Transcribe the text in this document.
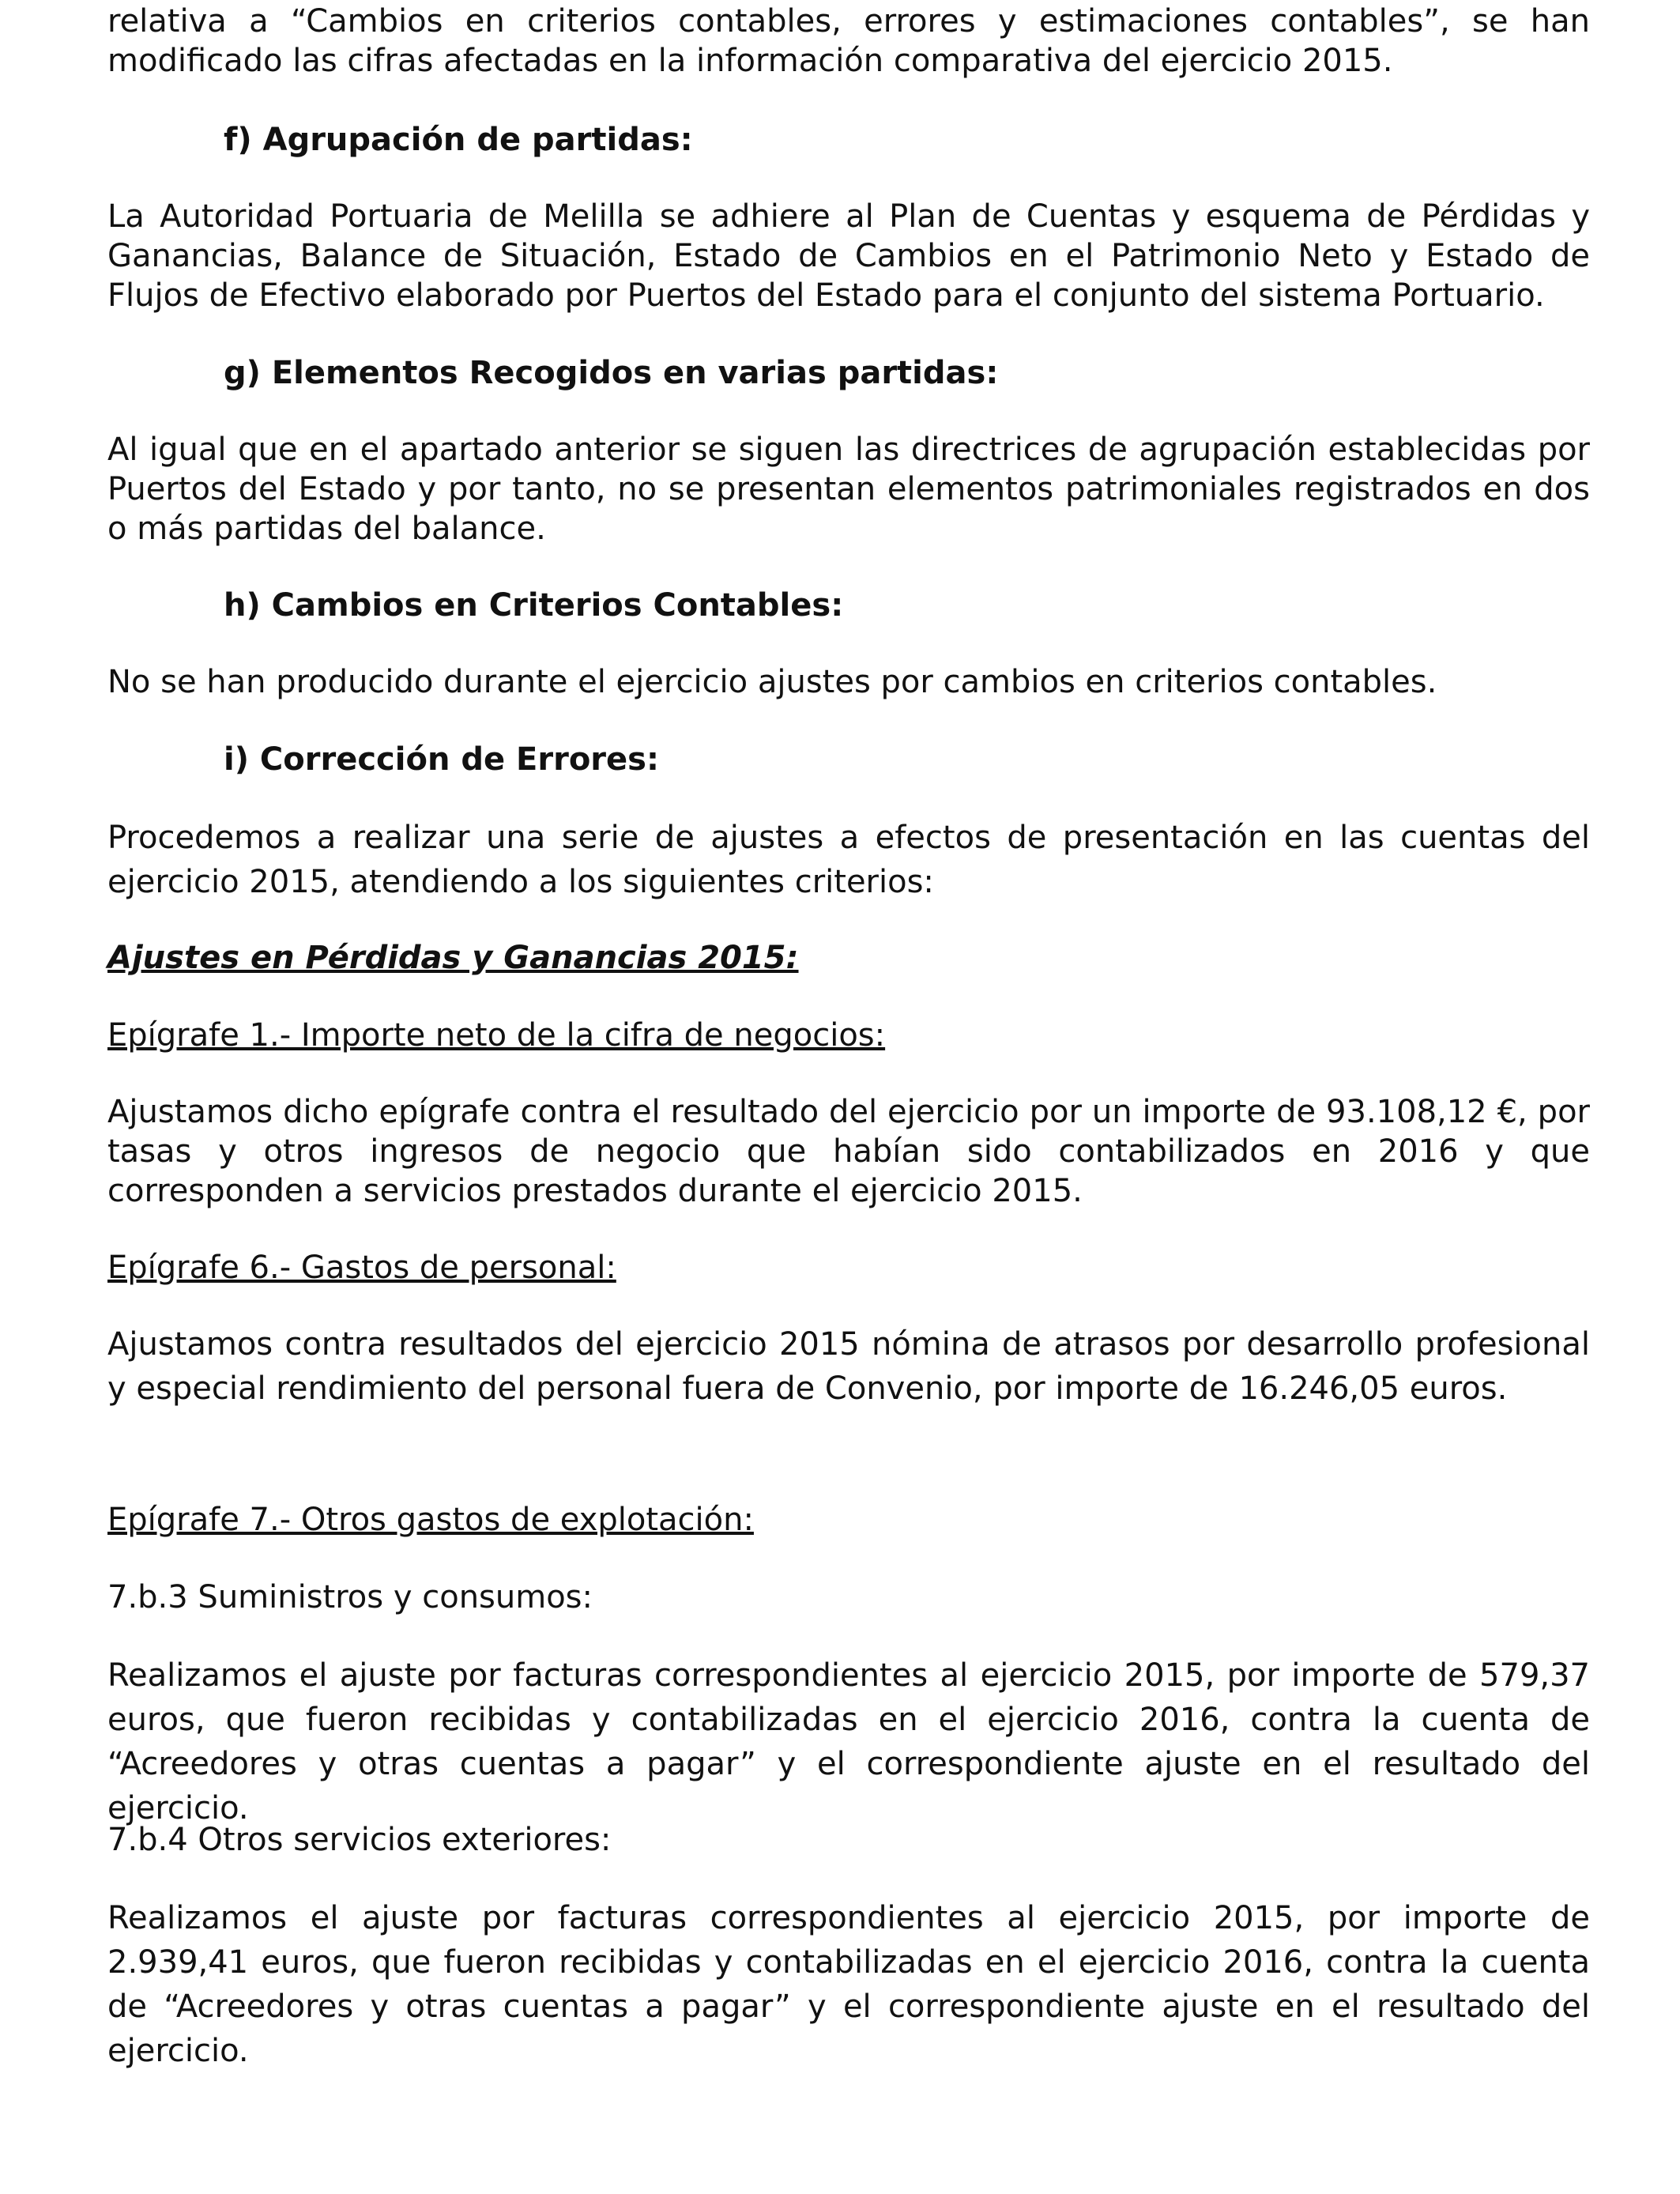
relativa a “Cambios en criterios contables, errores y estimaciones contables”, se han modificado las cifras afectadas en la información comparativa del ejercicio 2015.

f) Agrupación de partidas:

La Autoridad Portuaria de Melilla se adhiere al Plan de Cuentas y esquema de Pérdidas y Ganancias, Balance de Situación, Estado de Cambios en el Patrimonio Neto y Estado de Flujos de Efectivo elaborado por Puertos del Estado para el conjunto del sistema Portuario.

g) Elementos Recogidos en varias partidas:

Al igual que en el apartado anterior se siguen las directrices de agrupación establecidas por Puertos del Estado y por tanto, no se presentan elementos patrimoniales registrados en dos o más partidas del balance.

h) Cambios en Criterios Contables:

No se han producido durante el ejercicio ajustes por cambios en criterios contables.

i) Corrección de Errores:

Procedemos a realizar una serie de ajustes a efectos de presentación en las cuentas del ejercicio 2015, atendiendo a los siguientes criterios:

Ajustes en Pérdidas y Ganancias 2015:

Epígrafe 1.- Importe neto de la cifra de negocios:

Ajustamos dicho epígrafe contra el resultado del ejercicio por un importe de 93.108,12 €, por tasas y otros ingresos de negocio que habían sido contabilizados en 2016 y que corresponden a servicios prestados durante el ejercicio 2015.

Epígrafe 6.- Gastos de personal:

Ajustamos contra resultados del ejercicio 2015 nómina de atrasos por desarrollo profesional y especial rendimiento del personal fuera de Convenio, por importe de 16.246,05 euros.

Epígrafe 7.- Otros gastos de explotación:

7.b.3 Suministros y consumos:

Realizamos el ajuste por facturas correspondientes al ejercicio 2015, por importe de 579,37 euros, que fueron recibidas y contabilizadas en el ejercicio 2016, contra la cuenta de “Acreedores y otras cuentas a pagar” y el correspondiente ajuste en el resultado del ejercicio.

7.b.4 Otros servicios exteriores:

Realizamos el ajuste por facturas correspondientes al ejercicio 2015, por importe de 2.939,41 euros, que fueron recibidas y contabilizadas en el ejercicio 2016, contra la cuenta de “Acreedores y otras cuentas a pagar” y el correspondiente ajuste en el resultado del ejercicio.
